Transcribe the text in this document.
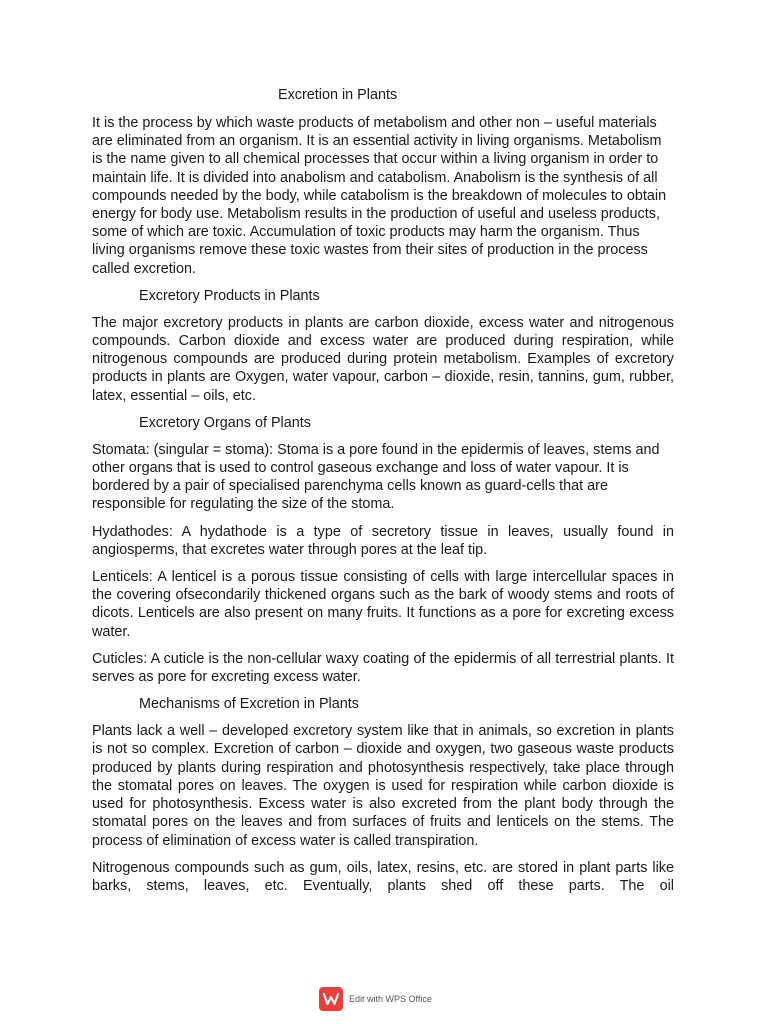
Excretion in Plants
It is the process by which waste products of metabolism and other non – useful materials are eliminated from an organism. It is an essential activity in living organisms. Metabolism is the name given to all chemical processes that occur within a living organism in order to maintain life. It is divided into anabolism and catabolism. Anabolism is the synthesis of all compounds needed by the body, while catabolism is the breakdown of molecules to obtain energy for body use. Metabolism results in the production of useful and useless products, some of which are toxic. Accumulation of toxic products may harm the organism. Thus living organisms remove these toxic wastes from their sites of production in the process called excretion.
Excretory Products in Plants
The major excretory products in plants are carbon dioxide, excess water and nitrogenous compounds. Carbon dioxide and excess water are produced during respiration, while nitrogenous compounds are produced during protein metabolism. Examples of excretory products in plants are Oxygen, water vapour, carbon – dioxide, resin, tannins, gum, rubber, latex, essential – oils, etc.
Excretory Organs of Plants
Stomata: (singular = stoma): Stoma is a pore found in the epidermis of leaves, stems and other organs that is used to control gaseous exchange and loss of water vapour. It is bordered by a pair of specialised parenchyma cells known as guard-cells that are responsible for regulating the size of the stoma.
Hydathodes: A hydathode is a type of secretory tissue in leaves, usually found in angiosperms, that excretes water through pores at the leaf tip.
Lenticels: A lenticel is a porous tissue consisting of cells with large intercellular spaces in the covering ofsecondarily thickened organs such as the bark of woody stems and roots of dicots. Lenticels are also present on many fruits. It functions as a pore for excreting excess water.
Cuticles: A cuticle is the non-cellular waxy coating of the epidermis of all terrestrial plants. It serves as pore for excreting excess water.
Mechanisms of Excretion in Plants
Plants lack a well – developed excretory system like that in animals, so excretion in plants is not so complex. Excretion of carbon – dioxide and oxygen, two gaseous waste products produced by plants during respiration and photosynthesis respectively, take place through the stomatal pores on leaves. The oxygen is used for respiration while carbon dioxide is used for photosynthesis. Excess water is also excreted from the plant body through the stomatal pores on the leaves and from surfaces of fruits and lenticels on the stems. The process of elimination of excess water is called transpiration.
Nitrogenous compounds such as gum, oils, latex, resins, etc. are stored in plant parts like barks, stems, leaves, etc. Eventually, plants shed off these parts. The oil
Edit with WPS Office
